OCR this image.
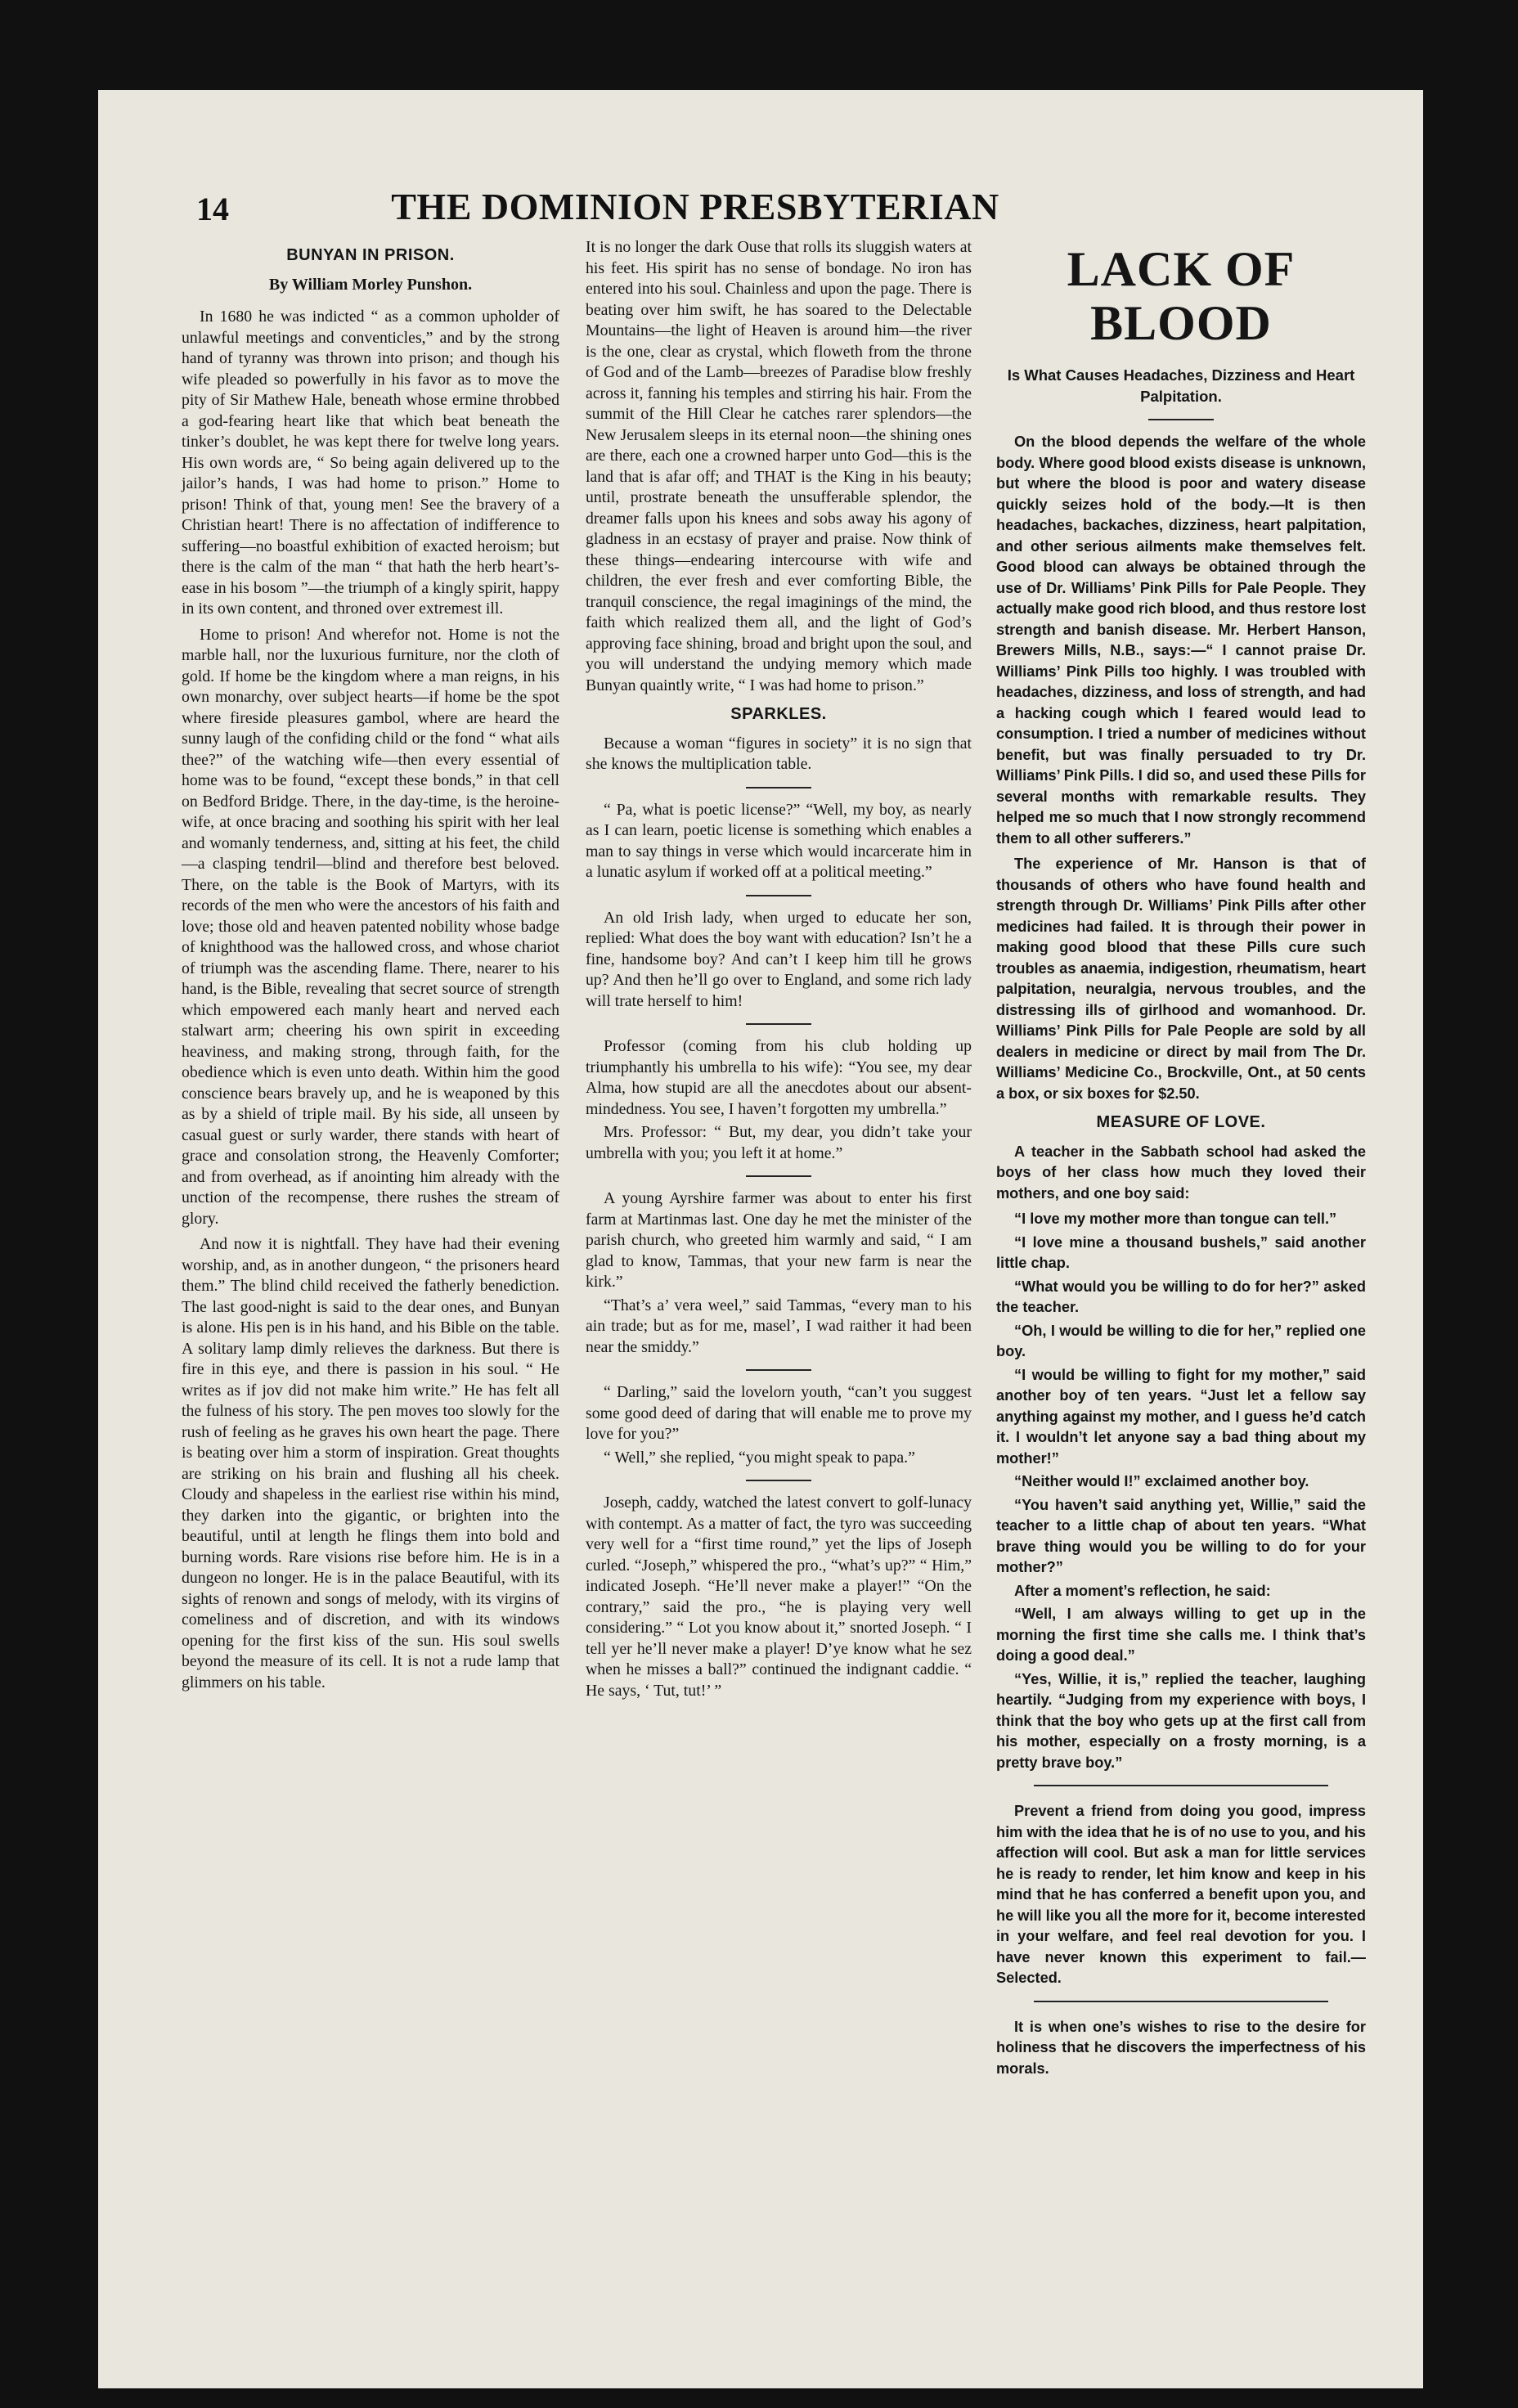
14	THE DOMINION PRESBYTERIAN
BUNYAN IN PRISON.
By William Morley Punshon.

In 1680 he was indicted “ as a common upholder of unlawful meetings and conventicles,” and by the strong hand of tyranny was thrown into prison; and though his wife pleaded so powerfully in his favor as to move the pity of Sir Mathew Hale, beneath whose ermine throbbed a god-fearing heart like that which beat beneath the tinker’s doublet, he was kept there for twelve long years. His own words are, “ So being again delivered up to the jailor’s hands, I was had home to prison.” Home to prison! Think of that, young men! See the bravery of a Christian heart! There is no affectation of indifference to suffering—no boastful exhibition of exacted heroism; but there is the calm of the man “ that hath the herb heart’s-ease in his bosom ”—the triumph of a kingly spirit, happy in its own content, and throned over extremest ill.

Home to prison! And wherefor not. Home is not the marble hall, nor the luxurious furniture, nor the cloth of gold. If home be the kingdom where a man reigns, in his own monarchy, over subject hearts—if home be the spot where fireside pleasures gambol, where are heard the sunny laugh of the confiding child or the fond “ what ails thee?” of the watching wife—then every essential of home was to be found, “except these bonds,” in that cell on Bedford Bridge. There, in the day-time, is the heroine-wife, at once bracing and soothing his spirit with her leal and womanly tenderness, and, sitting at his feet, the child—a clasping tendril—blind and therefore best beloved. There, on the table is the Book of Martyrs, with its records of the men who were the ancestors of his faith and love; those old and heaven patented nobility whose badge of knighthood was the hallowed cross, and whose chariot of triumph was the ascending flame. There, nearer to his hand, is the Bible, revealing that secret source of strength which empowered each manly heart and nerved each stalwart arm; cheering his own spirit in exceeding heaviness, and making strong, through faith, for the obedience which is even unto death. Within him the good conscience bears bravely up, and he is weaponed by this as by a shield of triple mail. By his side, all unseen by casual guest or surly warder, there stands with heart of grace and consolation strong, the Heavenly Comforter; and from overhead, as if anointing him already with the unction of the recompense, there rushes the stream of glory.

And now it is nightfall. They have had their evening worship, and, as in another dungeon, “ the prisoners heard them.” The blind child received the fatherly benediction. The last good-night is said to the dear ones, and Bunyan is alone. His pen is in his hand, and his Bible on the table. A solitary lamp dimly relieves the darkness. But there is fire in this eye, and there is passion in his soul. “ He writes as if jov did not make him write.” He has felt all the fulness of his story. The pen moves too slowly for the rush of feeling as he graves his own heart the page. There is beating over him a storm of inspiration. Great thoughts are striking on his brain and flushing all his cheek. Cloudy and shapeless in the earliest rise within his mind, they darken into the gigantic, or brighten into the beautiful, until at length he flings them into bold and burning words. Rare visions rise before him. He is in a dungeon no longer. He is in the palace Beautiful, with its sights of renown and songs of melody, with its virgins of comeliness and of discretion, and with its windows opening for the first kiss of the sun. His soul swells beyond the measure of its cell. It is not a rude lamp that glimmers on his table.

It is no longer the dark Ouse that rolls its sluggish waters at his feet. His spirit has no sense of bondage. No iron has entered into his soul. Chainless and upon the page. There is beating over him swift, he has soared to the Delectable Mountains—the light of Heaven is around him—the river is the one, clear as crystal, which floweth from the throne of God and of the Lamb—breezes of Paradise blow freshly across it, fanning his temples and stirring his hair. From the summit of the Hill Clear he catches rarer splendors—the New Jerusalem sleeps in its eternal noon—the shining ones are there, each one a crowned harper unto God—this is the land that is afar off; and THAT is the King in his beauty; until, prostrate beneath the unsufferable splendor, the dreamer falls upon his knees and sobs away his agony of gladness in an ecstasy of prayer and praise. Now think of these things—endearing intercourse with wife and children, the ever fresh and ever comforting Bible, the tranquil conscience, the regal imaginings of the mind, the faith which realized them all, and the light of God’s approving face shining, broad and bright upon the soul, and you will understand the undying memory which made Bunyan quaintly write, “ I was had home to prison.”

SPARKLES.

Because a woman “figures in society” it is no sign that she knows the multiplication table.

“ Pa, what is poetic license?” “Well, my boy, as nearly as I can learn, poetic license is something which enables a man to say things in verse which would incarcerate him in a lunatic asylum if worked off at a political meeting.”

An old Irish lady, when urged to educate her son, replied: What does the boy want with education? Isn’t he a fine, handsome boy? And can’t I keep him till he grows up? And then he’ll go over to England, and some rich lady will trate herself to him!

Professor (coming from his club holding up triumphantly his umbrella to his wife): “You see, my dear Alma, how stupid are all the anecdotes about our absent-mindedness. You see, I haven’t forgotten my umbrella.”

Mrs. Professor: “ But, my dear, you didn’t take your umbrella with you; you left it at home.”

A young Ayrshire farmer was about to enter his first farm at Martinmas last. One day he met the minister of the parish church, who greeted him warmly and said, “ I am glad to know, Tammas, that your new farm is near the kirk.”

“That’s a’ vera weel,” said Tammas, “every man to his ain trade; but as for me, masel’, I wad raither it had been near the smiddy.”

“ Darling,” said the lovelorn youth, “can’t you suggest some good deed of daring that will enable me to prove my love for you?”

“ Well,” she replied, “you might speak to papa.”

Joseph, caddy, watched the latest convert to golf-lunacy with contempt. As a matter of fact, the tyro was succeeding very well for a “first time round,” yet the lips of Joseph curled. “Joseph,” whispered the pro., “what’s up?” “ Him,” indicated Joseph. “He’ll never make a player!” “On the contrary,” said the pro., “he is playing very well considering.” “ Lot you know about it,” snorted Joseph. “ I tell yer he’ll never make a player! D’ye know what he sez when he misses a ball?” continued the indignant caddie. “ He says, ‘ Tut, tut!’ ”

LACK OF BLOOD
Is What Causes Headaches, Dizziness and Heart Palpitation.

On the blood depends the welfare of the whole body. Where good blood exists disease is unknown, but where the blood is poor and watery disease quickly seizes hold of the body.—It is then headaches, backaches, dizziness, heart palpitation, and other serious ailments make themselves felt. Good blood can always be obtained through the use of Dr. Williams’ Pink Pills for Pale People. They actually make good rich blood, and thus restore lost strength and banish disease. Mr. Herbert Hanson, Brewers Mills, N.B., says:—“ I cannot praise Dr. Williams’ Pink Pills too highly. I was troubled with headaches, dizziness, and loss of strength, and had a hacking cough which I feared would lead to consumption. I tried a number of medicines without benefit, but was finally persuaded to try Dr. Williams’ Pink Pills. I did so, and used these Pills for several months with remarkable results. They helped me so much that I now strongly recommend them to all other sufferers.”

The experience of Mr. Hanson is that of thousands of others who have found health and strength through Dr. Williams’ Pink Pills after other medicines had failed. It is through their power in making good blood that these Pills cure such troubles as anaemia, indigestion, rheumatism, heart palpitation, neuralgia, nervous troubles, and the distressing ills of girlhood and womanhood. Dr. Williams’ Pink Pills for Pale People are sold by all dealers in medicine or direct by mail from The Dr. Williams’ Medicine Co., Brockville, Ont., at 50 cents a box, or six boxes for $2.50.

MEASURE OF LOVE.

A teacher in the Sabbath school had asked the boys of her class how much they loved their mothers, and one boy said:

“I love my mother more than tongue can tell.”

“I love mine a thousand bushels,” said another little chap.

“What would you be willing to do for her?” asked the teacher.

“Oh, I would be willing to die for her,” replied one boy.

“I would be willing to fight for my mother,” said another boy of ten years. “Just let a fellow say anything against my mother, and I guess he’d catch it. I wouldn’t let anyone say a bad thing about my mother!”

“Neither would I!” exclaimed another boy.

“You haven’t said anything yet, Willie,” said the teacher to a little chap of about ten years. “What brave thing would you be willing to do for your mother?”

After a moment’s reflection, he said:

“Well, I am always willing to get up in the morning the first time she calls me. I think that’s doing a good deal.”

“Yes, Willie, it is,” replied the teacher, laughing heartily. “Judging from my experience with boys, I think that the boy who gets up at the first call from his mother, especially on a frosty morning, is a pretty brave boy.”

Prevent a friend from doing you good, impress him with the idea that he is of no use to you, and his affection will cool. But ask a man for little services he is ready to render, let him know and keep in his mind that he has conferred a benefit upon you, and he will like you all the more for it, become interested in your welfare, and feel real devotion for you. I have never known this experiment to fail.—Selected.

It is when one’s wishes to rise to the desire for holiness that he discovers the imperfectness of his morals.
